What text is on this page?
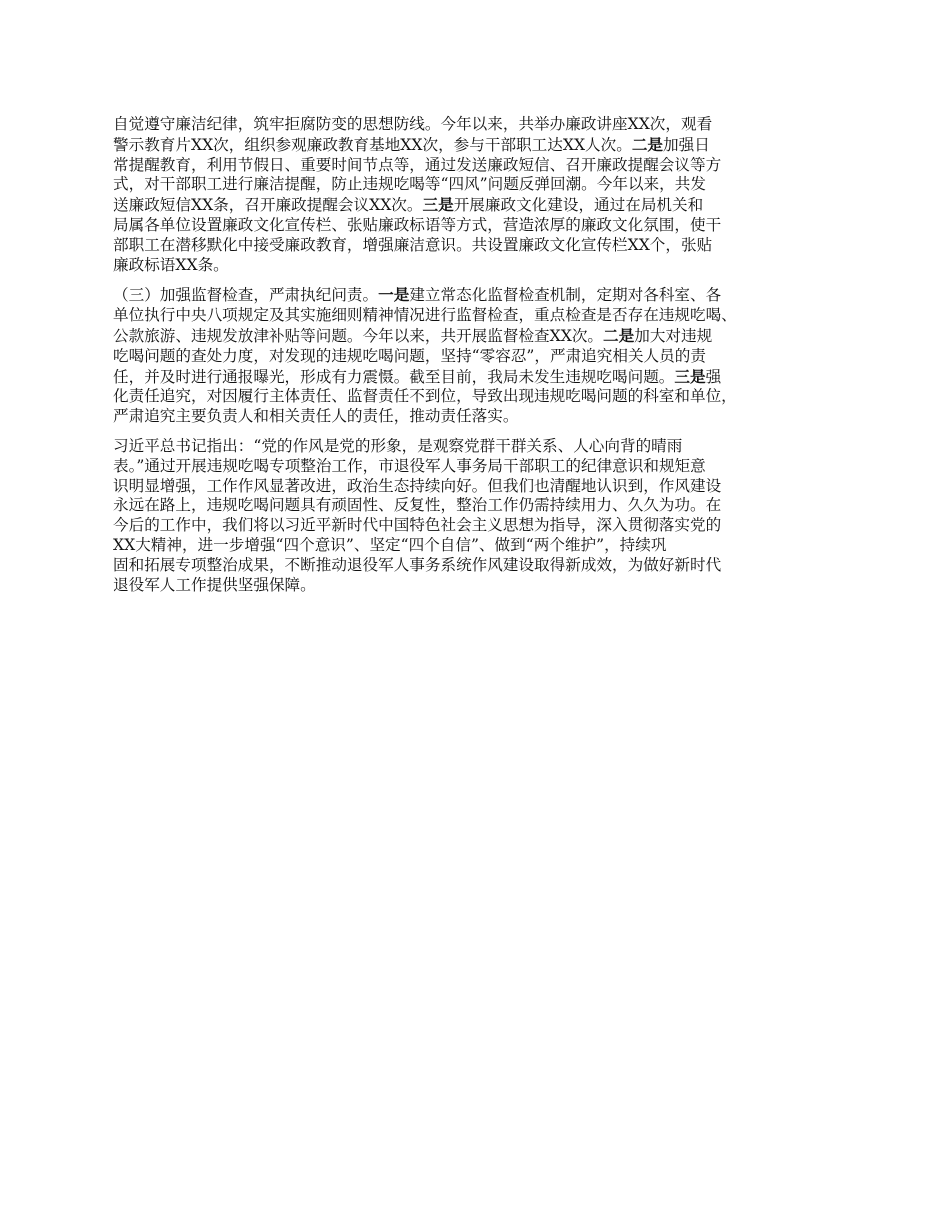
自觉遵守廉洁纪律，筑牢拒腐防变的思想防线。今年以来，共举办廉政讲座XX次，观看
警示教育片XX次，组织参观廉政教育基地XX次，参与干部职工达XX人次。二是加强日
常提醒教育，利用节假日、重要时间节点等，通过发送廉政短信、召开廉政提醒会议等方
式，对干部职工进行廉洁提醒，防止违规吃喝等“四风”问题反弹回潮。今年以来，共发
送廉政短信XX条，召开廉政提醒会议XX次。三是开展廉政文化建设，通过在局机关和
局属各单位设置廉政文化宣传栏、张贴廉政标语等方式，营造浓厚的廉政文化氛围，使干
部职工在潜移默化中接受廉政教育，增强廉洁意识。共设置廉政文化宣传栏XX个，张贴
廉政标语XX条。
（三）加强监督检查，严肃执纪问责。一是建立常态化监督检查机制，定期对各科室、各
单位执行中央八项规定及其实施细则精神情况进行监督检查，重点检查是否存在违规吃喝、
公款旅游、违规发放津补贴等问题。今年以来，共开展监督检查XX次。二是加大对违规
吃喝问题的查处力度，对发现的违规吃喝问题，坚持“零容忍”，严肃追究相关人员的责
任，并及时进行通报曝光，形成有力震慑。截至目前，我局未发生违规吃喝问题。三是强
化责任追究，对因履行主体责任、监督责任不到位，导致出现违规吃喝问题的科室和单位，
严肃追究主要负责人和相关责任人的责任，推动责任落实。
习近平总书记指出：“党的作风是党的形象，是观察党群干群关系、人心向背的晴雨
表。”通过开展违规吃喝专项整治工作，市退役军人事务局干部职工的纪律意识和规矩意
识明显增强，工作作风显著改进，政治生态持续向好。但我们也清醒地认识到，作风建设
永远在路上，违规吃喝问题具有顽固性、反复性，整治工作仍需持续用力、久久为功。在
今后的工作中，我们将以习近平新时代中国特色社会主义思想为指导，深入贯彻落实党的
XX大精神，进一步增强“四个意识”、坚定“四个自信”、做到“两个维护”，持续巩
固和拓展专项整治成果，不断推动退役军人事务系统作风建设取得新成效，为做好新时代
退役军人工作提供坚强保障。
